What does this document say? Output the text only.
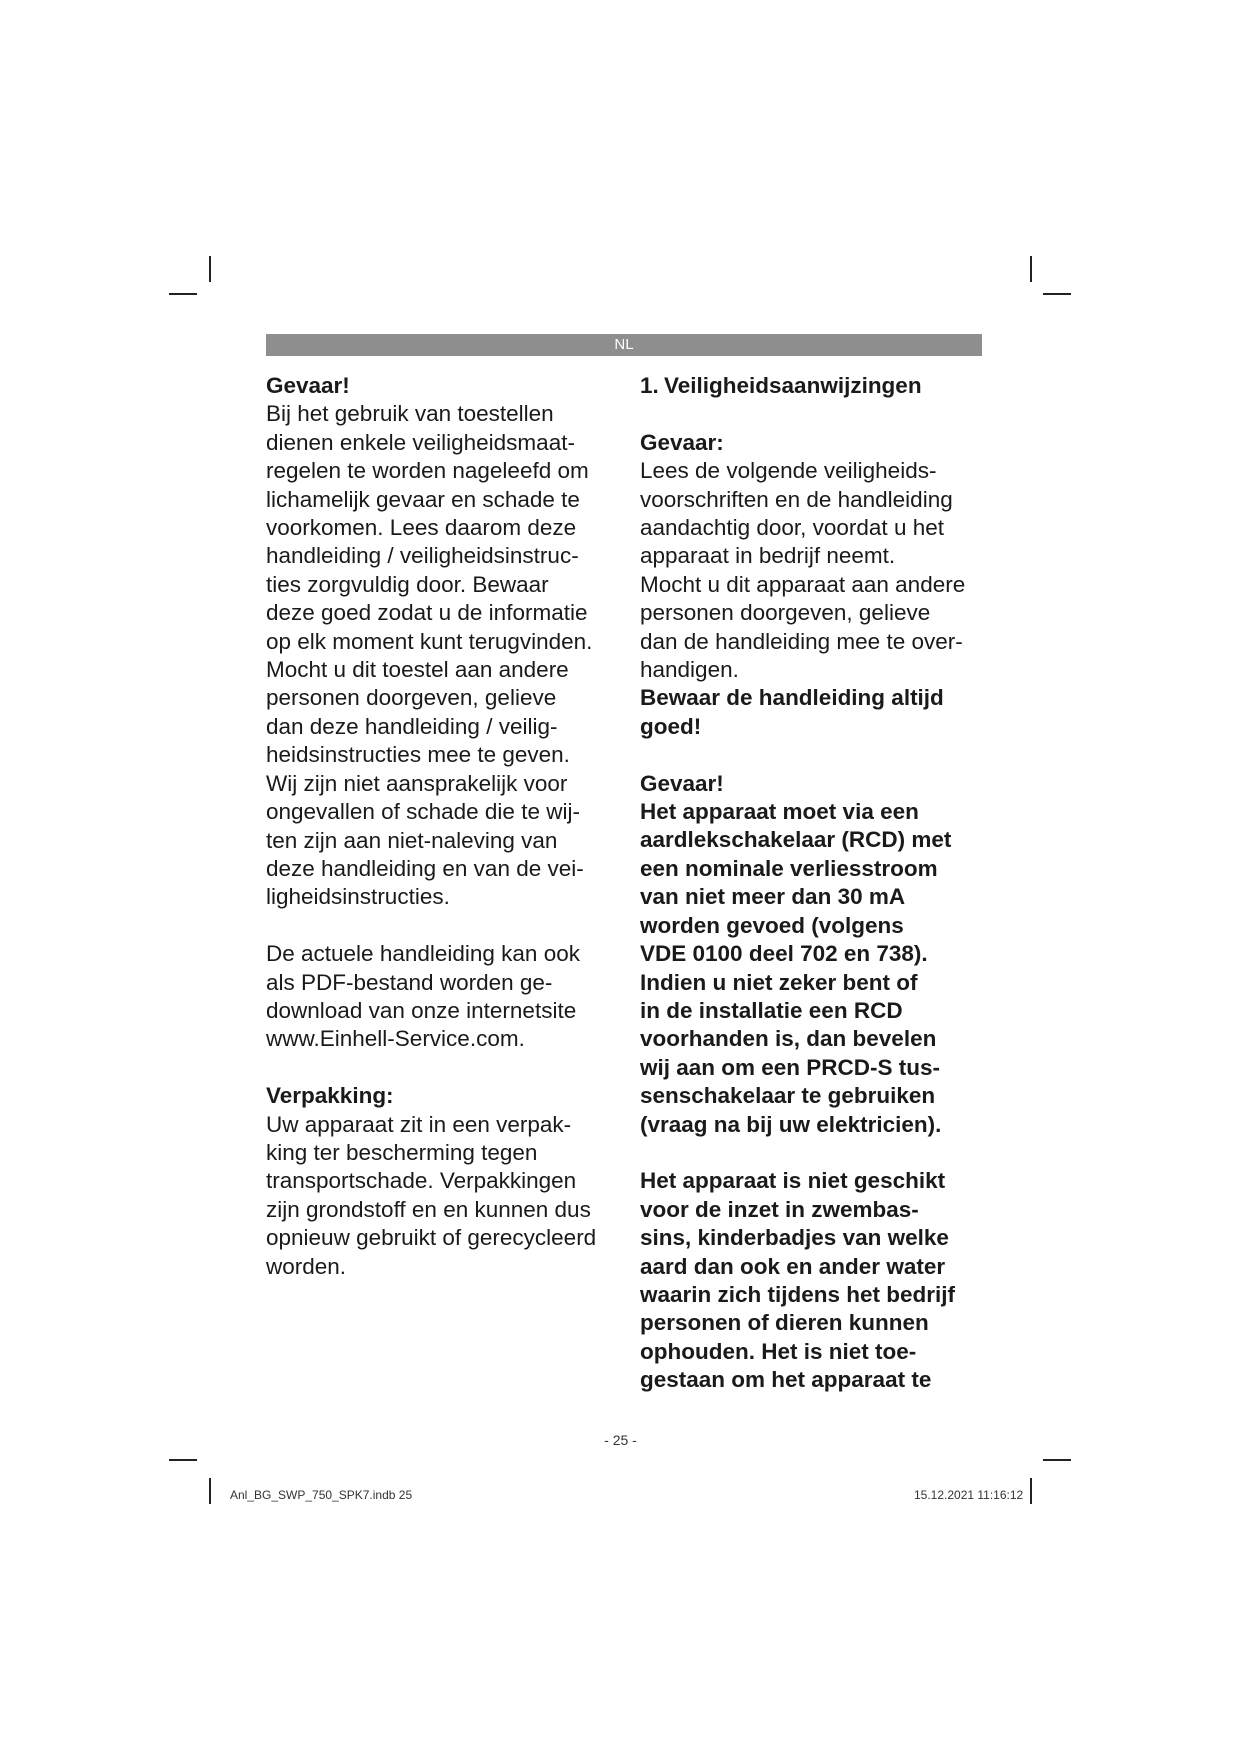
NL

Gevaar!

Bij het gebruik van toestellen

dienen enkele veiligheidsmaat-

regelen te worden nageleefd om

lichamelijk gevaar en schade te

voorkomen. Lees daarom deze

handleiding / veiligheidsinstruc-

ties zorgvuldig door. Bewaar

deze goed zodat u de informatie

op elk moment kunt terugvinden.

Mocht u dit toestel aan andere

personen doorgeven, gelieve

dan deze handleiding / veilig-

heidsinstructies mee te geven.

Wij zijn niet aansprakelijk voor

ongevallen of schade die te wij-

ten zijn aan niet-naleving van

deze handleiding en van de vei-

ligheidsinstructies.

De actuele handleiding kan ook

als PDF-bestand worden ge-

download van onze internetsite

www.Einhell-Service.com.

Verpakking:

Uw apparaat zit in een verpak-

king ter bescherming tegen

transportschade. Verpakkingen

zijn grondstoff en en kunnen dus

opnieuw gebruikt of gerecycleerd

worden.

1. Veiligheidsaanwijzingen

Gevaar:

Lees de volgende veiligheids-

voorschriften en de handleiding

aandachtig door, voordat u het

apparaat in bedrijf neemt.

Mocht u dit apparaat aan andere

personen doorgeven, gelieve

dan de handleiding mee te over-

handigen.

Bewaar de handleiding altijd

goed!

Gevaar!

Het apparaat moet via een

aardlekschakelaar (RCD) met

een nominale verliesstroom

van niet meer dan 30 mA

worden gevoed (volgens

VDE 0100 deel 702 en 738).

Indien u niet zeker bent of

in de installatie een RCD

voorhanden is, dan bevelen

wij aan om een PRCD-S tus-

senschakelaar te gebruiken

(vraag na bij uw elektricien).

Het apparaat is niet geschikt

voor de inzet in zwembas-

sins, kinderbadjes van welke

aard dan ook en ander water

waarin zich tijdens het bedrijf

personen of dieren kunnen

ophouden. Het is niet toe-

gestaan om het apparaat te

- 25 -
Anl_BG_SWP_750_SPK7.indb 25	15.12.2021 11:16:12
